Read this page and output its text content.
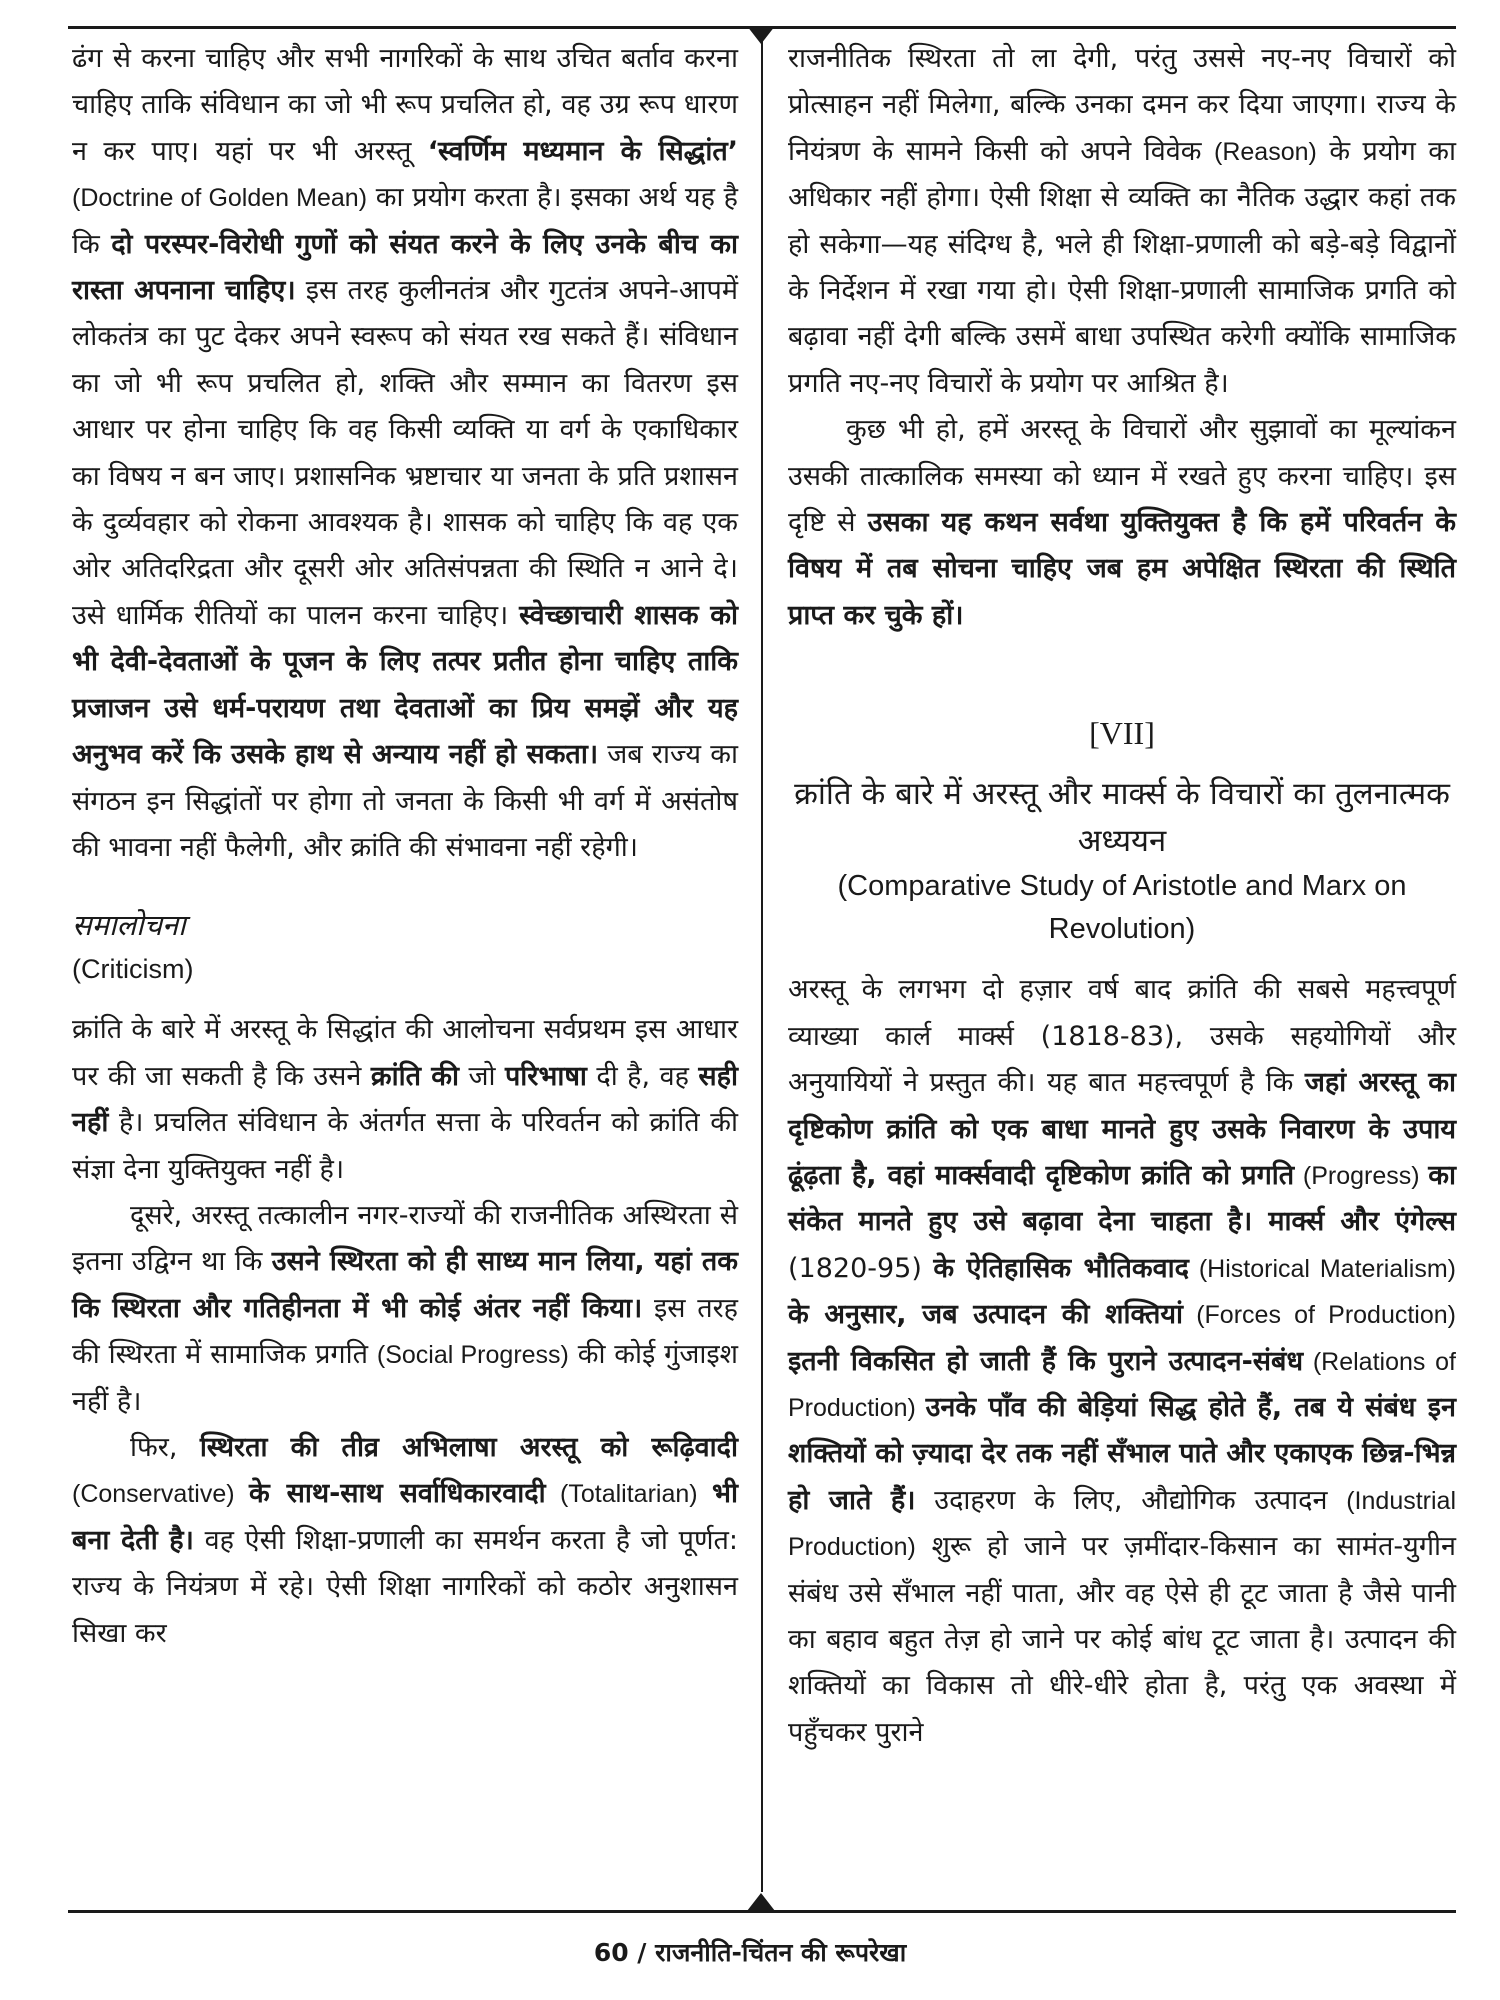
ढंग से करना चाहिए और सभी नागरिकों के साथ उचित बर्ताव करना चाहिए ताकि संविधान का जो भी रूप प्रचलित हो, वह उग्र रूप धारण न कर पाए। यहां पर भी अरस्तू ‘स्वर्णिम मध्यमान के सिद्धांत’ (Doctrine of Golden Mean) का प्रयोग करता है। इसका अर्थ यह है कि दो परस्पर-विरोधी गुणों को संयत करने के लिए उनके बीच का रास्ता अपनाना चाहिए। इस तरह कुलीनतंत्र और गुटतंत्र अपने-आपमें लोकतंत्र का पुट देकर अपने स्वरूप को संयत रख सकते हैं। संविधान का जो भी रूप प्रचलित हो, शक्ति और सम्मान का वितरण इस आधार पर होना चाहिए कि वह किसी व्यक्ति या वर्ग के एकाधिकार का विषय न बन जाए। प्रशासनिक भ्रष्टाचार या जनता के प्रति प्रशासन के दुर्व्यवहार को रोकना आवश्यक है। शासक को चाहिए कि वह एक ओर अतिदरिद्रता और दूसरी ओर अतिसंपन्नता की स्थिति न आने दे। उसे धार्मिक रीतियों का पालन करना चाहिए। स्वेच्छाचारी शासक को भी देवी-देवताओं के पूजन के लिए तत्पर प्रतीत होना चाहिए ताकि प्रजाजन उसे धर्म-परायण तथा देवताओं का प्रिय समझें और यह अनुभव करें कि उसके हाथ से अन्याय नहीं हो सकता। जब राज्य का संगठन इन सिद्धांतों पर होगा तो जनता के किसी भी वर्ग में असंतोष की भावना नहीं फैलेगी, और क्रांति की संभावना नहीं रहेगी।

समालोचना
(Criticism)

क्रांति के बारे में अरस्तू के सिद्धांत की आलोचना सर्वप्रथम इस आधार पर की जा सकती है कि उसने क्रांति की जो परिभाषा दी है, वह सही नहीं है। प्रचलित संविधान के अंतर्गत सत्ता के परिवर्तन को क्रांति की संज्ञा देना युक्तियुक्त नहीं है।

दूसरे, अरस्तू तत्कालीन नगर-राज्यों की राजनीतिक अस्थिरता से इतना उद्विग्न था कि उसने स्थिरता को ही साध्य मान लिया, यहां तक कि स्थिरता और गतिहीनता में भी कोई अंतर नहीं किया। इस तरह की स्थिरता में सामाजिक प्रगति (Social Progress) की कोई गुंजाइश नहीं है।

फिर, स्थिरता की तीव्र अभिलाषा अरस्तू को रूढ़िवादी (Conservative) के साथ-साथ सर्वाधिकारवादी (Totalitarian) भी बना देती है। वह ऐसी शिक्षा-प्रणाली का समर्थन करता है जो पूर्णत: राज्य के नियंत्रण में रहे। ऐसी शिक्षा नागरिकों को कठोर अनुशासन सिखा कर

राजनीतिक स्थिरता तो ला देगी, परंतु उससे नए-नए विचारों को प्रोत्साहन नहीं मिलेगा, बल्कि उनका दमन कर दिया जाएगा। राज्य के नियंत्रण के सामने किसी को अपने विवेक (Reason) के प्रयोग का अधिकार नहीं होगा। ऐसी शिक्षा से व्यक्ति का नैतिक उद्धार कहां तक हो सकेगा—यह संदिग्ध है, भले ही शिक्षा-प्रणाली को बड़े-बड़े विद्वानों के निर्देशन में रखा गया हो। ऐसी शिक्षा-प्रणाली सामाजिक प्रगति को बढ़ावा नहीं देगी बल्कि उसमें बाधा उपस्थित करेगी क्योंकि सामाजिक प्रगति नए-नए विचारों के प्रयोग पर आश्रित है।

कुछ भी हो, हमें अरस्तू के विचारों और सुझावों का मूल्यांकन उसकी तात्कालिक समस्या को ध्यान में रखते हुए करना चाहिए। इस दृष्टि से उसका यह कथन सर्वथा युक्तियुक्त है कि हमें परिवर्तन के विषय में तब सोचना चाहिए जब हम अपेक्षित स्थिरता की स्थिति प्राप्त कर चुके हों।

[VII]
क्रांति के बारे में अरस्तू और मार्क्स के विचारों का तुलनात्मक अध्ययन
(Comparative Study of Aristotle and Marx on Revolution)

अरस्तू के लगभग दो हज़ार वर्ष बाद क्रांति की सबसे महत्त्वपूर्ण व्याख्या कार्ल मार्क्स (1818-83), उसके सहयोगियों और अनुयायियों ने प्रस्तुत की। यह बात महत्त्वपूर्ण है कि जहां अरस्तू का दृष्टिकोण क्रांति को एक बाधा मानते हुए उसके निवारण के उपाय ढूंढ़ता है, वहां मार्क्सवादी दृष्टिकोण क्रांति को प्रगति (Progress) का संकेत मानते हुए उसे बढ़ावा देना चाहता है। मार्क्स और एंगेल्स (1820-95) के ऐतिहासिक भौतिकवाद (Historical Materialism) के अनुसार, जब उत्पादन की शक्तियां (Forces of Production) इतनी विकसित हो जाती हैं कि पुराने उत्पादन-संबंध (Relations of Production) उनके पाँव की बेड़ियां सिद्ध होते हैं, तब ये संबंध इन शक्तियों को ज़्यादा देर तक नहीं सँभाल पाते और एकाएक छिन्न-भिन्न हो जाते हैं। उदाहरण के लिए, औद्योगिक उत्पादन (Industrial Production) शुरू हो जाने पर ज़मींदार-किसान का सामंत-युगीन संबंध उसे सँभाल नहीं पाता, और वह ऐसे ही टूट जाता है जैसे पानी का बहाव बहुत तेज़ हो जाने पर कोई बांध टूट जाता है। उत्पादन की शक्तियों का विकास तो धीरे-धीरे होता है, परंतु एक अवस्था में पहुँचकर पुराने

60 / राजनीति-चिंतन की रूपरेखा
